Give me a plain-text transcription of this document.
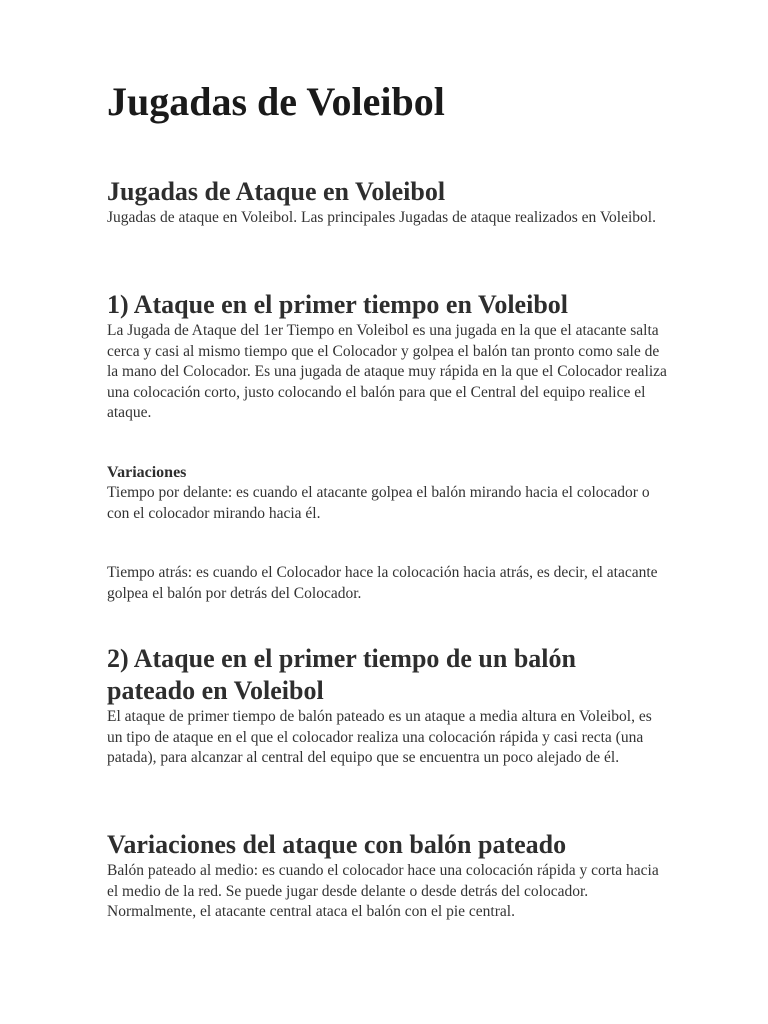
Jugadas de Voleibol
Jugadas de Ataque en Voleibol

Jugadas de ataque en Voleibol. Las principales Jugadas de ataque realizados en Voleibol.

1) Ataque en el primer tiempo en Voleibol

La Jugada de Ataque del 1er Tiempo en Voleibol es una jugada en la que el atacante salta cerca y casi al mismo tiempo que el Colocador y golpea el balón tan pronto como sale de la mano del Colocador. Es una jugada de ataque muy rápida en la que el Colocador realiza una colocación corto, justo colocando el balón para que el Central del equipo realice el ataque.

Variaciones

Tiempo por delante: es cuando el atacante golpea el balón mirando hacia el colocador o con el colocador mirando hacia él.

Tiempo atrás: es cuando el Colocador hace la colocación hacia atrás, es decir, el atacante golpea el balón por detrás del Colocador.

2) Ataque en el primer tiempo de un balón pateado en Voleibol

El ataque de primer tiempo de balón pateado es un ataque a media altura en Voleibol, es un tipo de ataque en el que el colocador realiza una colocación rápida y casi recta (una patada), para alcanzar al central del equipo que se encuentra un poco alejado de él.

Variaciones del ataque con balón pateado

Balón pateado al medio: es cuando el colocador hace una colocación rápida y corta hacia el medio de la red. Se puede jugar desde delante o desde detrás del colocador. Normalmente, el atacante central ataca el balón con el pie central.
